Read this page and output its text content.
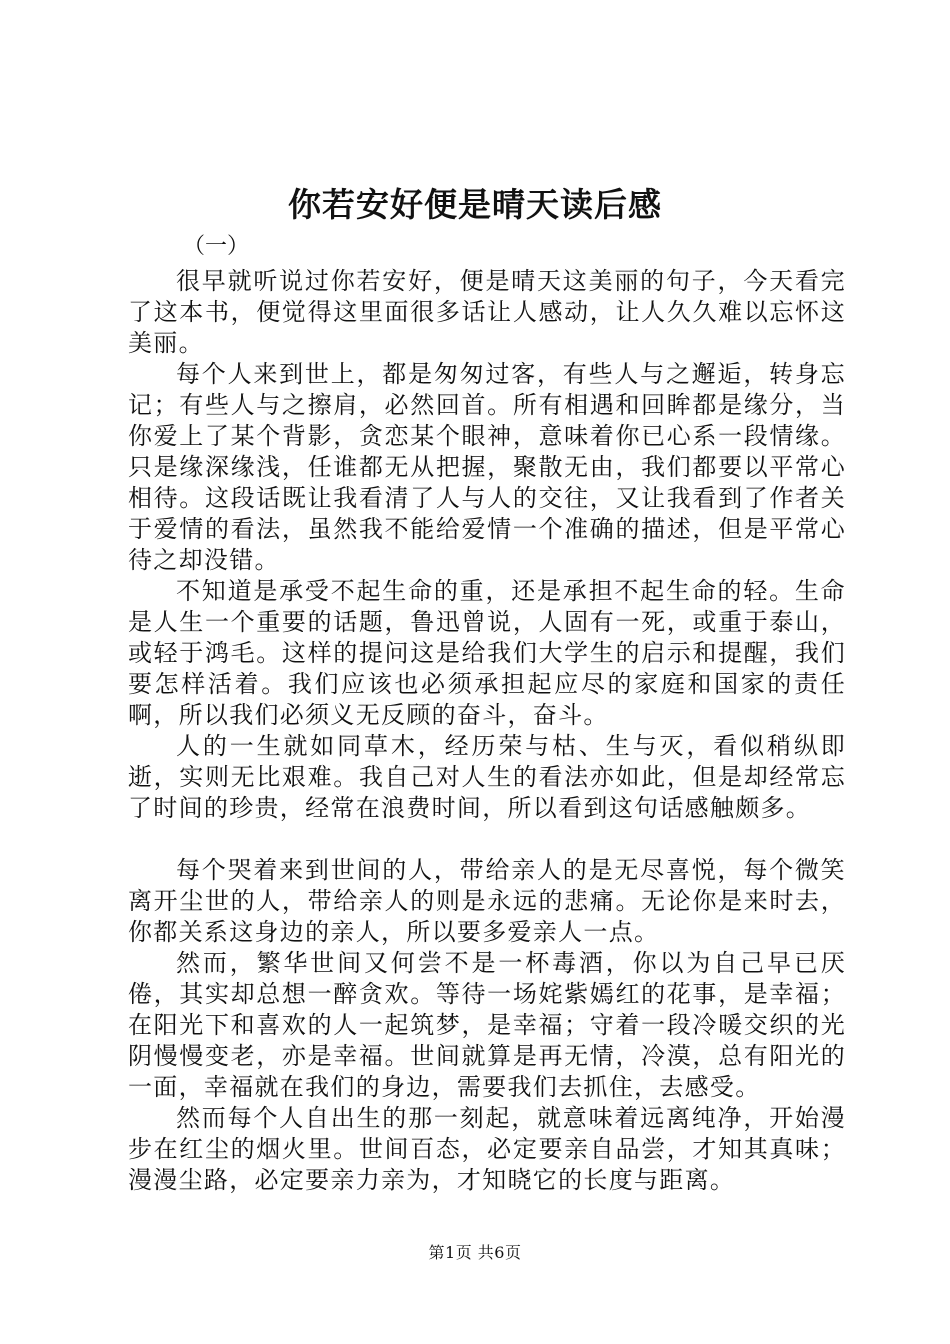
你若安好便是晴天读后感
（一）

很早就听说过你若安好，便是晴天这美丽的句子，今天看完了这本书，便觉得这里面很多话让人感动，让人久久难以忘怀这美丽。

每个人来到世上，都是匆匆过客，有些人与之邂逅，转身忘记；有些人与之擦肩，必然回首。所有相遇和回眸都是缘分，当你爱上了某个背影，贪恋某个眼神，意味着你已心系一段情缘。只是缘深缘浅，任谁都无从把握，聚散无由，我们都要以平常心相待。这段话既让我看清了人与人的交往，又让我看到了作者关于爱情的看法，虽然我不能给爱情一个准确的描述，但是平常心待之却没错。

不知道是承受不起生命的重，还是承担不起生命的轻。生命是人生一个重要的话题，鲁迅曾说，人固有一死，或重于泰山，或轻于鸿毛。这样的提问这是给我们大学生的启示和提醒，我们要怎样活着。我们应该也必须承担起应尽的家庭和国家的责任啊，所以我们必须义无反顾的奋斗，奋斗。

人的一生就如同草木，经历荣与枯、生与灭，看似稍纵即逝，实则无比艰难。我自己对人生的看法亦如此，但是却经常忘了时间的珍贵，经常在浪费时间，所以看到这句话感触颇多。

每个哭着来到世间的人，带给亲人的是无尽喜悦，每个微笑离开尘世的人，带给亲人的则是永远的悲痛。无论你是来时去，你都关系这身边的亲人，所以要多爱亲人一点。

然而，繁华世间又何尝不是一杯毒酒，你以为自己早已厌倦，其实却总想一醉贪欢。等待一场姹紫嫣红的花事，是幸福；在阳光下和喜欢的人一起筑梦，是幸福；守着一段冷暖交织的光阴慢慢变老，亦是幸福。世间就算是再无情，冷漠，总有阳光的一面，幸福就在我们的身边，需要我们去抓住，去感受。

然而每个人自出生的那一刻起，就意味着远离纯净，开始漫步在红尘的烟火里。世间百态，必定要亲自品尝，才知其真味；漫漫尘路，必定要亲力亲为，才知晓它的长度与距离。

第1页 共6页
